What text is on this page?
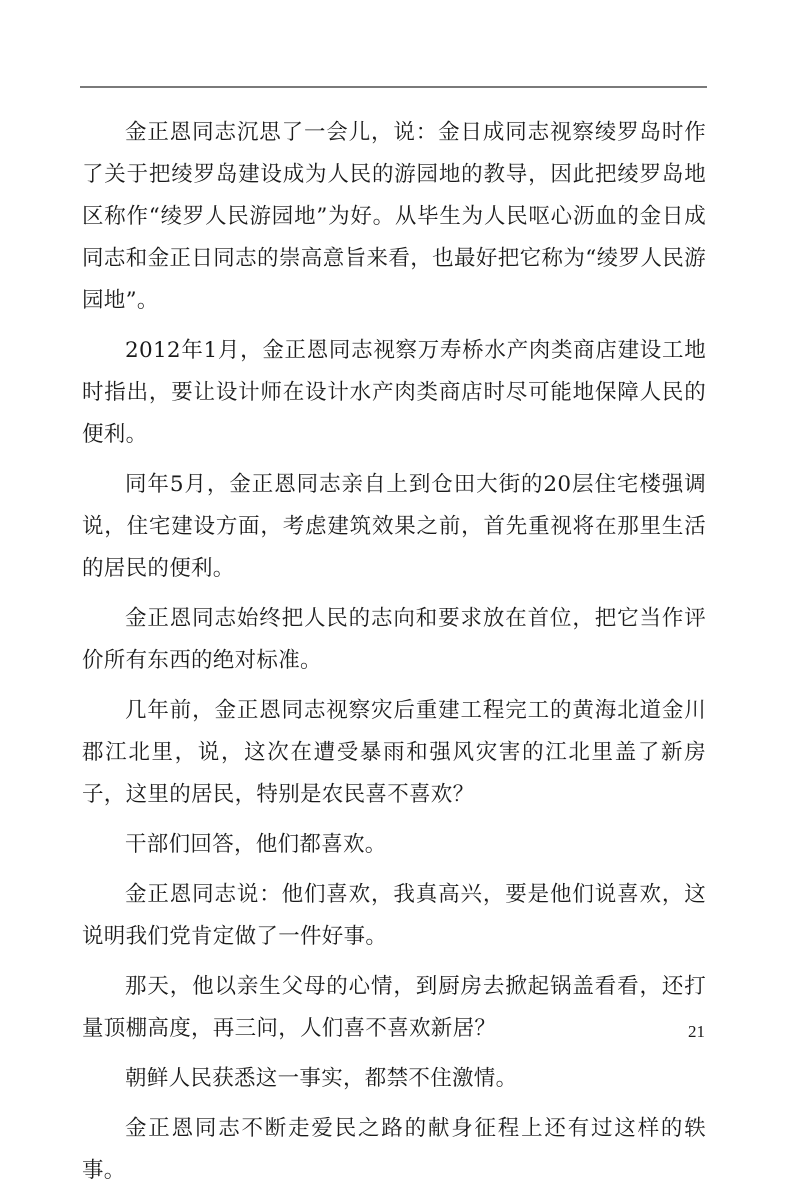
金正恩同志沉思了一会儿，说：金日成同志视察绫罗岛时作了关于把绫罗岛建设成为人民的游园地的教导，因此把绫罗岛地区称作“绫罗人民游园地”为好。从毕生为人民呕心沥血的金日成同志和金正日同志的崇高意旨来看，也最好把它称为“绫罗人民游园地”。

2012年1月，金正恩同志视察万寿桥水产肉类商店建设工地时指出，要让设计师在设计水产肉类商店时尽可能地保障人民的便利。

同年5月，金正恩同志亲自上到仓田大街的20层住宅楼强调说，住宅建设方面，考虑建筑效果之前，首先重视将在那里生活的居民的便利。

金正恩同志始终把人民的志向和要求放在首位，把它当作评价所有东西的绝对标准。

几年前，金正恩同志视察灾后重建工程完工的黄海北道金川郡江北里，说，这次在遭受暴雨和强风灾害的江北里盖了新房子，这里的居民，特别是农民喜不喜欢？

干部们回答，他们都喜欢。

金正恩同志说：他们喜欢，我真高兴，要是他们说喜欢，这说明我们党肯定做了一件好事。

那天，他以亲生父母的心情，到厨房去掀起锅盖看看，还打量顶棚高度，再三问，人们喜不喜欢新居？

朝鲜人民获悉这一事实，都禁不住激情。

金正恩同志不断走爱民之路的献身征程上还有过这样的轶事。

21
